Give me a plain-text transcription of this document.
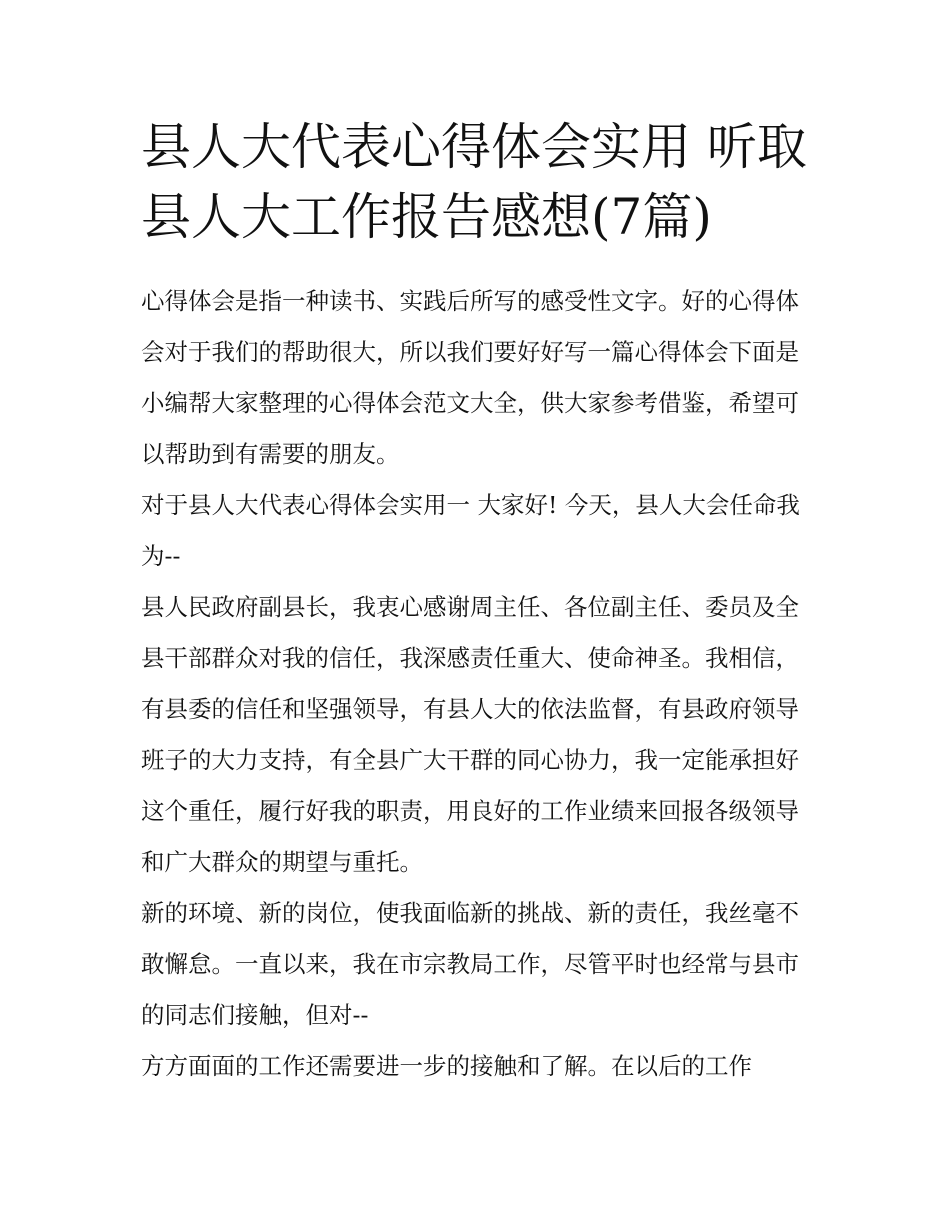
县人大代表心得体会实用 听取县人大工作报告感想(7篇)

心得体会是指一种读书、实践后所写的感受性文字。好的心得体会对于我们的帮助很大，所以我们要好好写一篇心得体会下面是小编帮大家整理的心得体会范文大全，供大家参考借鉴，希望可以帮助到有需要的朋友。

对于县人大代表心得体会实用一 大家好! 今天，县人大会任命我为--

县人民政府副县长，我衷心感谢周主任、各位副主任、委员及全县干部群众对我的信任，我深感责任重大、使命神圣。我相信，有县委的信任和坚强领导，有县人大的依法监督，有县政府领导班子的大力支持，有全县广大干群的同心协力，我一定能承担好这个重任，履行好我的职责，用良好的工作业绩来回报各级领导和广大群众的期望与重托。

新的环境、新的岗位，使我面临新的挑战、新的责任，我丝毫不敢懈怠。一直以来，我在市宗教局工作，尽管平时也经常与县市的同志们接触，但对--

方方面面的工作还需要进一步的接触和了解。在以后的工作
